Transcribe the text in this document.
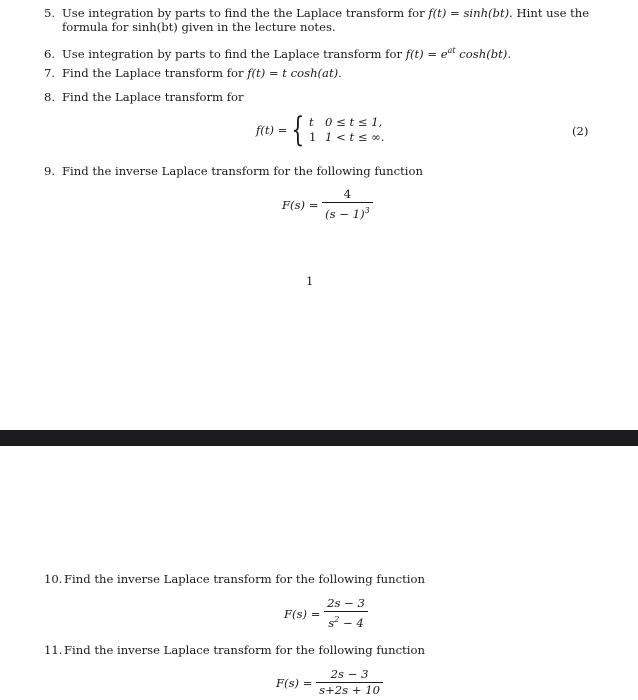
5. Use integration by parts to find the the Laplace transform for f(t) = sinh(bt). Hint use the
formula for sinh(bt) given in the lecture notes.
6. Use integration by parts to find the Laplace transform for $f(t) = e^{at}$ cosh(bt).
7. Find the Laplace transform for f(t) = t cosh(at).
8. Find the Laplace transform for
f(t) = { t 0 ≤ t ≤ 1,
1 1 < t ≤ ∞.	(2)
9. Find the inverse Laplace transform for the following function
F(s) =
$\frac{4}{(s - 1)^3}$
1
10. Find the inverse Laplace transform for the following function
F(s) =
$\frac{2s - 3}{s^2 - 4}$
11. Find the inverse Laplace transform for the following function
F(s) =
$\frac{2s - 3}{s+2s + 10}$
